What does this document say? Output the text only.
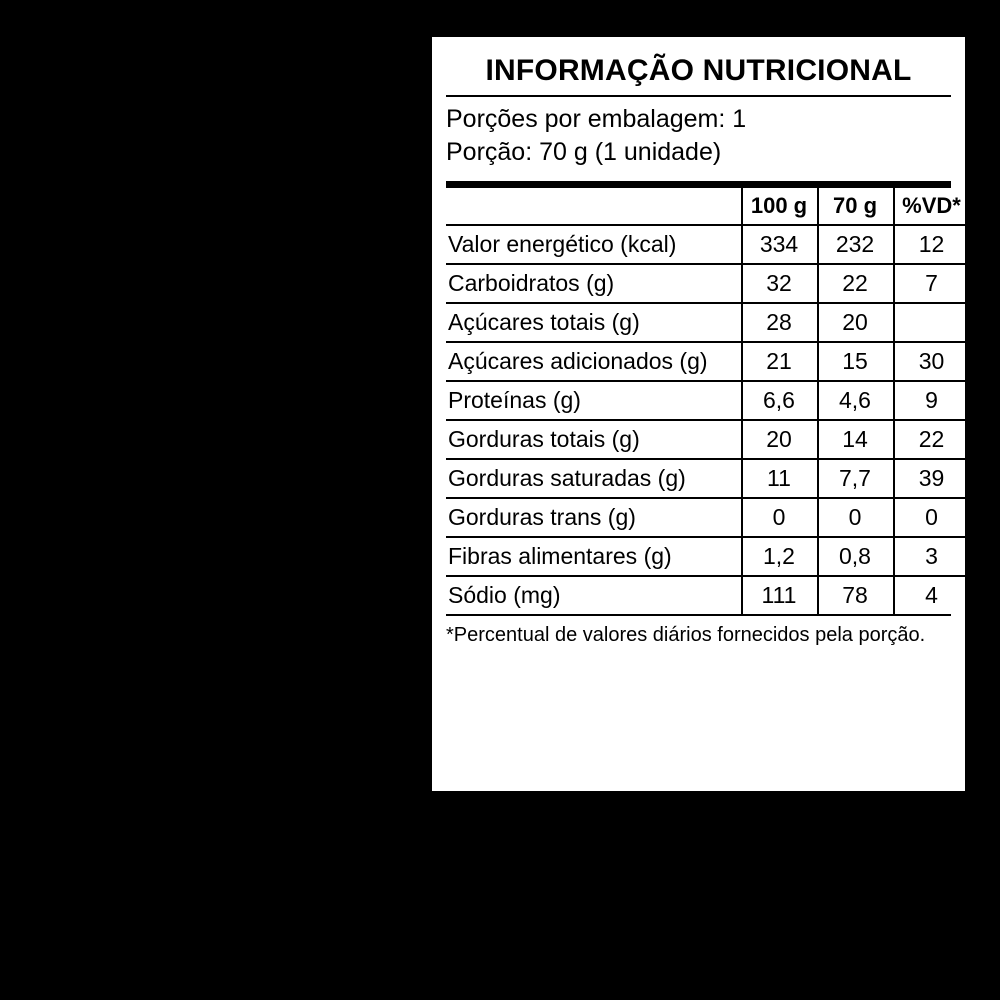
INFORMAÇÃO NUTRICIONAL
Porções por embalagem: 1
Porção: 70 g (1 unidade)
	100 g	70 g	%VD*
Valor energético (kcal)	334	232	12
Carboidratos (g)	32	22	7
Açúcares totais (g)	28	20	
Açúcares adicionados (g)	21	15	30
Proteínas (g)	6,6	4,6	9
Gorduras totais (g)	20	14	22
Gorduras saturadas (g)	11	7,7	39
Gorduras trans (g)	0	0	0
Fibras alimentares (g)	1,2	0,8	3
Sódio (mg)	111	78	4
*Percentual de valores diários fornecidos pela porção.
